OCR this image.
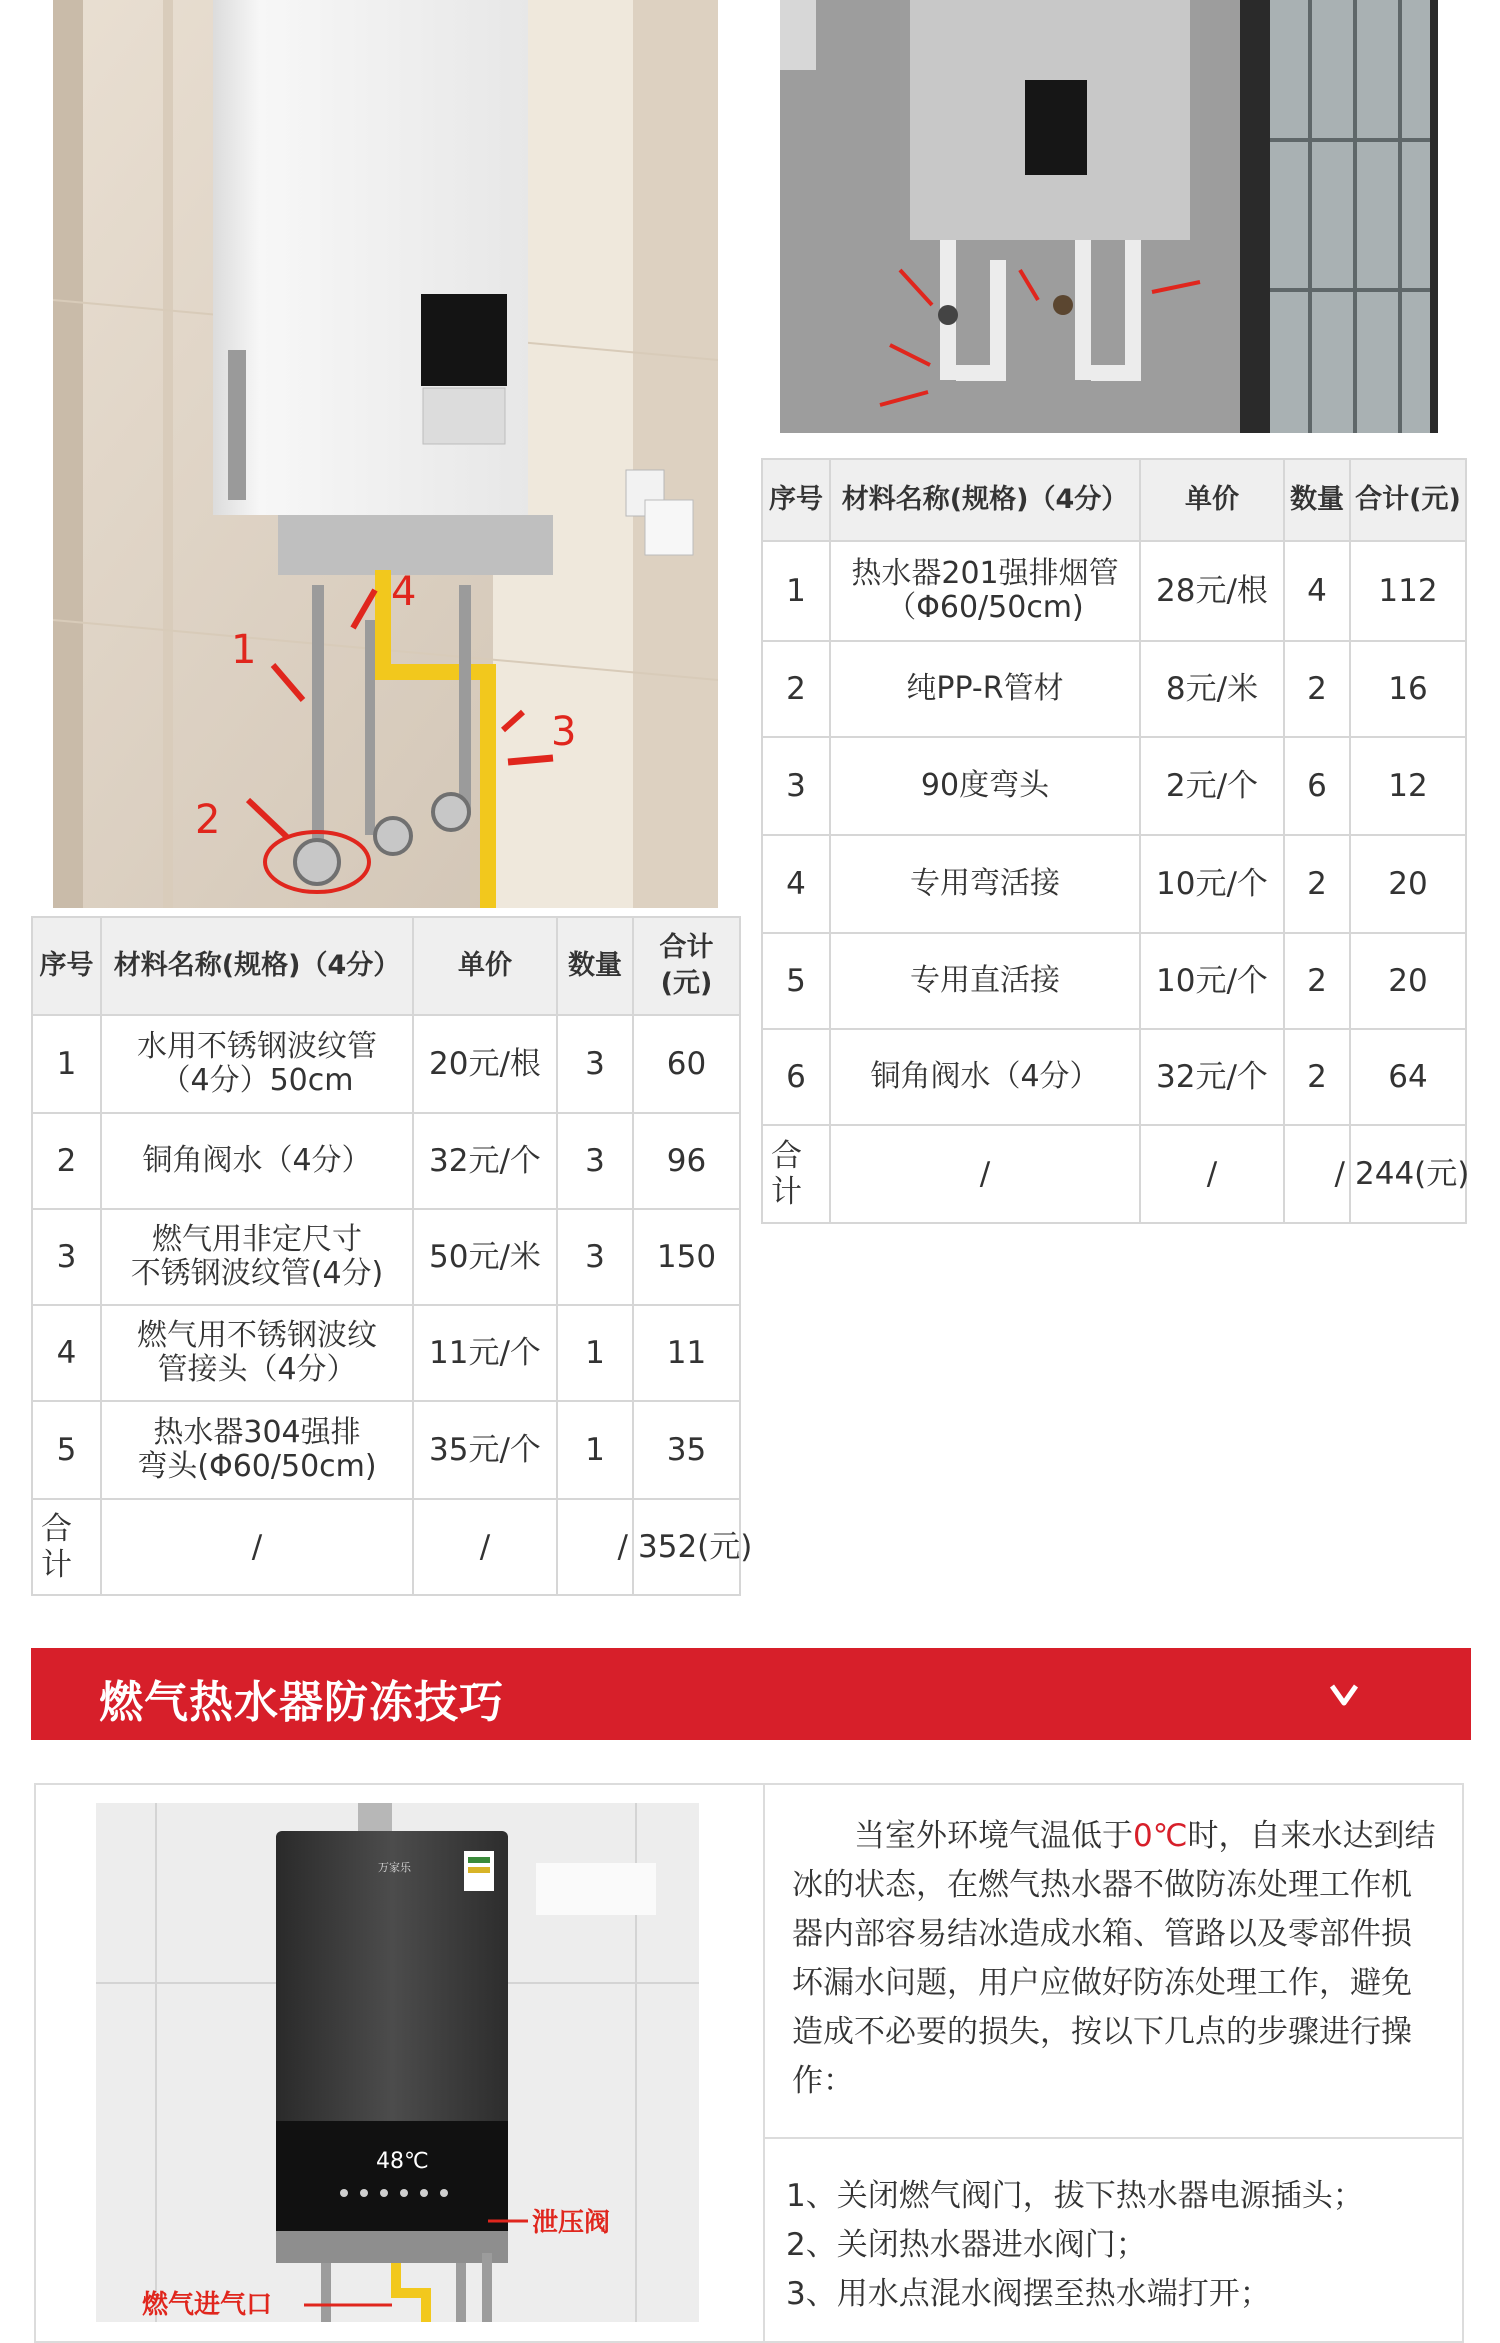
1
2
3
4
序号	材料名称(规格)（4分）	单价	数量	合计(元)
1	水用不锈钢波纹管
（4分）50cm	20元/根	3	60
2	铜角阀水（4分）	32元/个	3	96
3	燃气用非定尺寸
不锈钢波纹管(4分)	50元/米	3	150
4	燃气用不锈钢波纹
管接头（4分）	11元/个	1	11
5	热水器304强排
弯头(Φ60/50cm)	35元/个	1	35
合计	/	/	/	352(元)
序号	材料名称(规格)（4分）	单价	数量	合计(元)
1	热水器201强排烟管
（Φ60/50cm)	28元/根	4	112
2	纯PP-R管材	8元/米	2	16
3	90度弯头	2元/个	6	12
4	专用弯活接	10元/个	2	20
5	专用直活接	10元/个	2	20
6	铜角阀水（4分）	32元/个	2	64
合计	/	/	/	244(元)
燃气热水器防冻技巧
48℃
万家乐
泄压阀
燃气进气口
当室外环境气温低于0℃时，自来水达到结冰的状态，在燃气热水器不做防冻处理工作机器内部容易结冰造成水箱、管路以及零部件损坏漏水问题，用户应做好防冻处理工作，避免造成不必要的损失，按以下几点的步骤进行操作：
1、关闭燃气阀门，拔下热水器电源插头；
2、关闭热水器进水阀门；
3、用水点混水阀摆至热水端打开；
